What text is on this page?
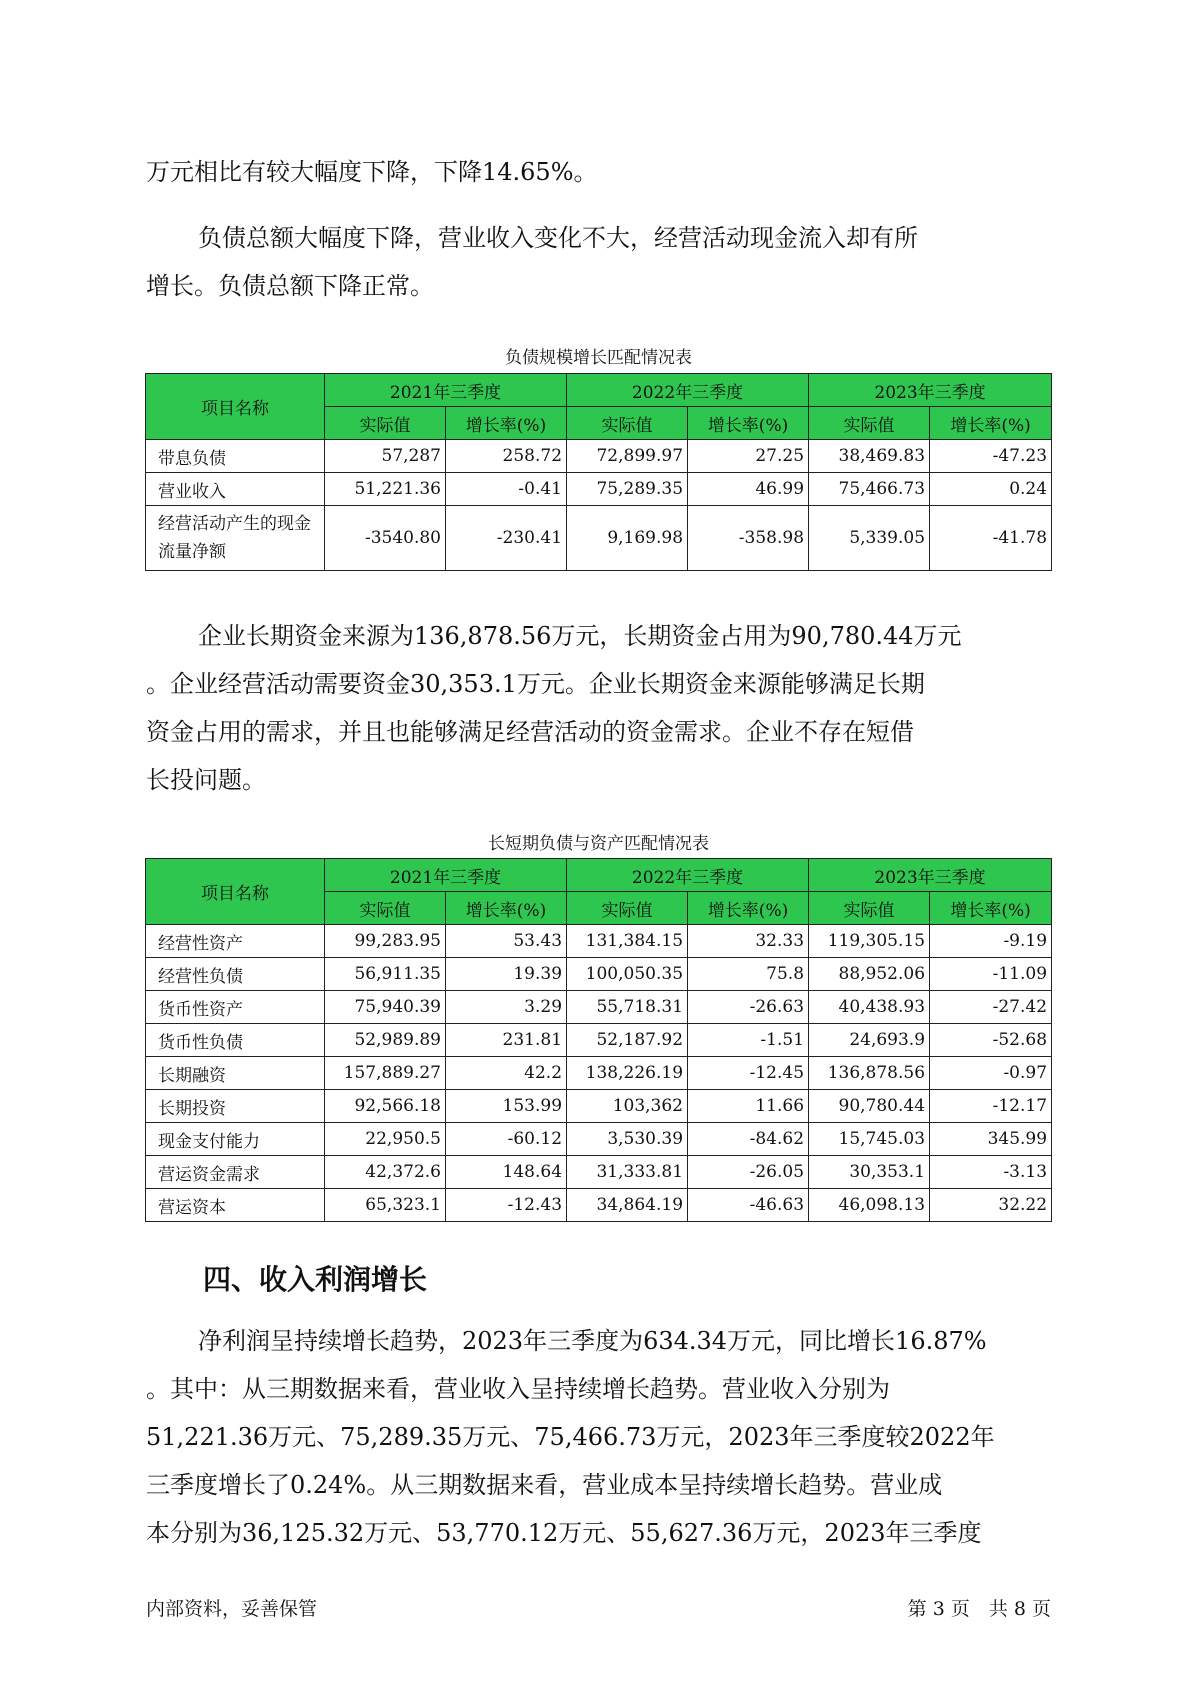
万元相比有较大幅度下降，下降14.65%。
负债总额大幅度下降，营业收入变化不大，经营活动现金流入却有所
增长。负债总额下降正常。
负债规模增长匹配情况表
项目名称	2021年三季度		2022年三季度		2023年三季度	
	实际值	增长率(%)	实际值	增长率(%)	实际值	增长率(%)
带息负债	57,287	258.72	72,899.97	27.25	38,469.83	-47.23
营业收入	51,221.36	-0.41	75,289.35	46.99	75,466.73	0.24
经营活动产生的现金流量净额	-3540.80	-230.41	9,169.98	-358.98	5,339.05	-41.78
企业长期资金来源为136,878.56万元，长期资金占用为90,780.44万元
。企业经营活动需要资金30,353.1万元。企业长期资金来源能够满足长期
资金占用的需求，并且也能够满足经营活动的资金需求。企业不存在短借
长投问题。
长短期负债与资产匹配情况表
项目名称	2021年三季度		2022年三季度		2023年三季度	
	实际值	增长率(%)	实际值	增长率(%)	实际值	增长率(%)
经营性资产	99,283.95	53.43	131,384.15	32.33	119,305.15	-9.19
经营性负债	56,911.35	19.39	100,050.35	75.8	88,952.06	-11.09
货币性资产	75,940.39	3.29	55,718.31	-26.63	40,438.93	-27.42
货币性负债	52,989.89	231.81	52,187.92	-1.51	24,693.9	-52.68
长期融资	157,889.27	42.2	138,226.19	-12.45	136,878.56	-0.97
长期投资	92,566.18	153.99	103,362	11.66	90,780.44	-12.17
现金支付能力	22,950.5	-60.12	3,530.39	-84.62	15,745.03	345.99
营运资金需求	42,372.6	148.64	31,333.81	-26.05	30,353.1	-3.13
营运资本	65,323.1	-12.43	34,864.19	-46.63	46,098.13	32.22
四、收入利润增长
净利润呈持续增长趋势，2023年三季度为634.34万元，同比增长16.87%
。其中：从三期数据来看，营业收入呈持续增长趋势。营业收入分别为
51,221.36万元、75,289.35万元、75,466.73万元，2023年三季度较2022年
三季度增长了0.24%。从三期数据来看，营业成本呈持续增长趋势。营业成
本分别为36,125.32万元、53,770.12万元、55,627.36万元，2023年三季度
内部资料，妥善保管	第 3 页　共 8 页
